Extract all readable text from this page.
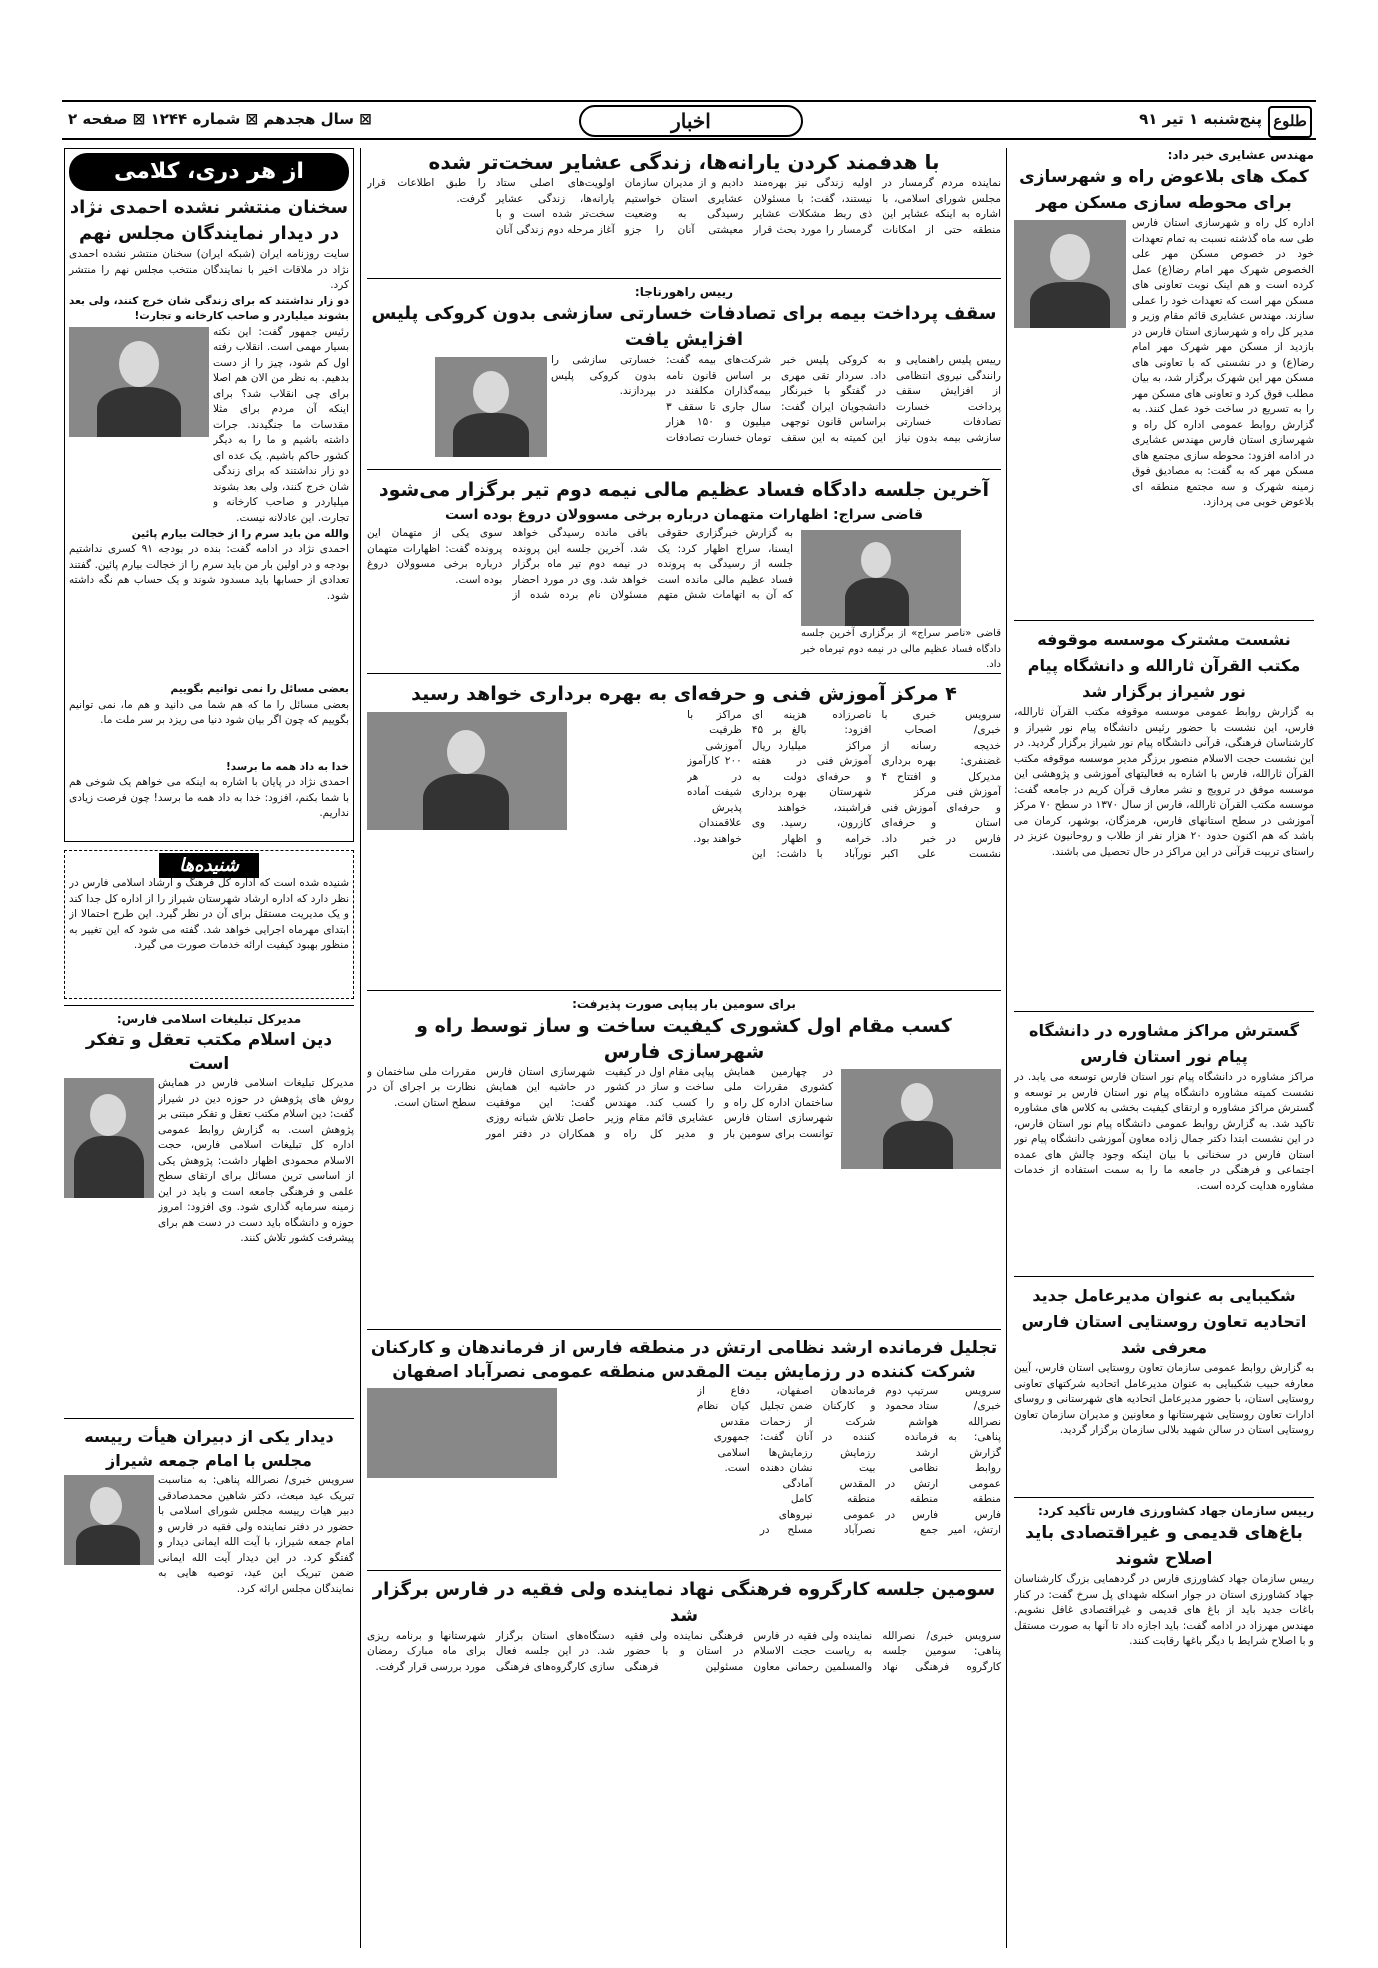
طلوع
پنج‌شنبه ۱ تیر ۹۱
اخبار
⊠ سال هجدهم ⊠ شماره ۱۲۴۴ ⊠ صفحه ۲

مهندس عشایری خبر داد:

کمک های بلاعوض راه و شهرسازی برای محوطه سازی مسکن مهر

اداره کل راه و شهرسازی استان فارس طی سه ماه گذشته نسبت به تمام تعهدات خود در خصوص مسکن مهر علی الخصوص شهرک مهر امام رضا(ع) عمل کرده است و هم اینک نوبت تعاونی های مسکن مهر است که تعهدات خود را عملی سازند. مهندس عشایری قائم مقام وزیر و مدیر کل راه و شهرسازی استان فارس در بازدید از مسکن مهر شهرک مهر امام رضا(ع) و در نشستی که با تعاونی های مسکن مهر این شهرک برگزار شد، به بیان مطلب فوق کرد و تعاونی های مسکن مهر را به تسریع در ساخت خود عمل کنند. به گزارش روابط عمومی اداره کل راه و شهرسازی استان فارس مهندس عشایری در ادامه افزود: محوطه سازی مجتمع های مسکن مهر که به گفت: به مصادیق فوق زمینه شهرک و سه مجتمع منطقه ای بلاعوض خوبی می پردازد.

نشست مشترک موسسه موقوفه مکتب القرآن ثارالله و دانشگاه پیام نور شیراز برگزار شد

به گزارش روابط عمومی موسسه موقوفه مکتب القرآن ثارالله، فارس، این نشست با حضور رئیس دانشگاه پیام نور شیراز و کارشناسان فرهنگی، قرآنی دانشگاه پیام نور شیراز برگزار گردید. در این نشست حجت الاسلام منصور برزگر مدیر موسسه موقوفه مکتب القرآن ثارالله، فارس با اشاره به فعالیتهای آموزشی و پژوهشی این موسسه موفق در ترویج و نشر معارف قرآن کریم در جامعه گفت: موسسه مکتب القرآن ثارالله، فارس از سال ۱۳۷۰ در سطح ۷۰ مرکز آموزشی در سطح استانهای فارس، هرمزگان، بوشهر، کرمان می باشد که هم اکنون حدود ۲۰ هزار نفر از طلاب و روحانیون عزیز در راستای تربیت قرآنی در این مراکز در حال تحصیل می باشند.

گسترش مراکز مشاوره در دانشگاه پیام نور استان فارس

مراکز مشاوره در دانشگاه پیام نور استان فارس توسعه می یابد. در نشست کمیته مشاوره دانشگاه پیام نور استان فارس بر توسعه و گسترش مراکز مشاوره و ارتقای کیفیت بخشی به کلاس های مشاوره تاکید شد. به گزارش روابط عمومی دانشگاه پیام نور استان فارس، در این نشست ابتدا دکتر جمال زاده معاون آموزشی دانشگاه پیام نور استان فارس در سخنانی با بیان اینکه وجود چالش های عمده اجتماعی و فرهنگی در جامعه ما را به سمت استفاده از خدمات مشاوره هدایت کرده است.

شکیبایی به عنوان مدیرعامل جدید اتحادیه تعاون روستایی استان فارس معرفی شد

به گزارش روابط عمومی سازمان تعاون روستایی استان فارس، آیین معارفه حبیب شکیبایی به عنوان مدیرعامل اتحادیه شرکتهای تعاونی روستایی استان، با حضور مدیرعامل اتحادیه های شهرستانی و روسای ادارات تعاون روستایی شهرستانها و معاونین و مدیران سازمان تعاون روستایی استان در سالن شهید بلالی سازمان برگزار گردید.

رییس سازمان جهاد کشاورزی فارس تأکید کرد:

باغ‌های قدیمی و غیراقتصادی باید اصلاح شوند

رییس سازمان جهاد کشاورزی فارس در گردهمایی بزرگ کارشناسان جهاد کشاورزی استان در جوار اسکله شهدای پل سرخ گفت: در کنار باغات جدید باید از باغ های قدیمی و غیراقتصادی غافل نشویم. مهندس مهرزاد در ادامه گفت: باید اجازه داد تا آنها به صورت مستقل و با اصلاح شرایط با دیگر باغها رقابت کنند.

با هدفمند کردن یارانه‌ها، زندگی عشایر سخت‌تر شده

نماینده مردم گرمسار در مجلس شورای اسلامی، با اشاره به اینکه عشایر این منطقه حتی از امکانات اولیه زندگی نیز بهره‌مند نیستند، گفت: با مسئولان ذی ربط مشکلات عشایر گرمسار را مورد بحث قرار دادیم و از مدیران سازمان عشایری استان خواستیم رسیدگی به وضعیت معیشتی آنان را جزو اولویت‌های اصلی ستاد یارانه‌ها، زندگی عشایر سخت‌تر شده است و با آغاز مرحله دوم زندگی آنان را طبق اطلاعات قرار گرفت.

رییس راهورناجا:

سقف پرداخت بیمه برای تصادفات خسارتی سازشی بدون کروکی پلیس افزایش یافت

رییس پلیس راهنمایی و رانندگی نیروی انتظامی از افزایش سقف پرداخت خسارت تصادفات خسارتی سازشی بیمه بدون نیاز به کروکی پلیس خبر داد. سردار تقی مهری در گفتگو با خبرنگار دانشجویان ایران گفت: براساس قانون توجهی این کمیته به این سقف شرکت‌های بیمه گفت: بر اساس قانون نامه بیمه‌گذاران مکلفند در سال جاری تا سقف ۳ میلیون و ۱۵۰ هزار تومان خسارت تصادفات خسارتی سازشی را بدون کروکی پلیس بپردازند.

آخرین جلسه دادگاه فساد عظیم مالی نیمه دوم تیر برگزار می‌شود
قاضی سراج: اظهارات متهمان درباره برخی مسوولان دروغ بوده است

قاضی «ناصر سراج» از برگزاری آخرین جلسه دادگاه فساد عظیم مالی در نیمه دوم تیرماه خبر داد.

به گزارش خبرگزاری حقوقی ایسنا، سراج اظهار کرد: یک جلسه از رسیدگی به پرونده فساد عظیم مالی مانده است که آن به اتهامات شش متهم باقی مانده رسیدگی خواهد شد. آخرین جلسه این پرونده در نیمه دوم تیر ماه برگزار خواهد شد. وی در مورد احضار مسئولان نام برده شده از سوی یکی از متهمان این پرونده گفت: اظهارات متهمان درباره برخی مسوولان دروغ بوده است.

۴ مرکز آموزش فنی و حرفه‌ای به بهره برداری خواهد رسید

سرویس خبری/ خدیجه غضنفری: مدیرکل آموزش فنی و حرفه‌ای استان فارس در نشست خبری با اصحاب رسانه از بهره برداری و افتتاح ۴ مرکز آموزش فنی و حرفه‌ای خبر داد. علی اکبر ناصرزاده افزود: مراکز آموزش فنی و حرفه‌ای شهرستان فراشبند، کازرون، خرامه و نورآباد با هزینه ای بالغ بر ۴۵ میلیارد ریال در هفته دولت به بهره برداری خواهند رسید. وی اظهار داشت: این مراکز با ظرفیت آموزشی ۲۰۰ کارآموز در هر شیفت آماده پذیرش علاقمندان خواهند بود.

برای سومین بار پیاپی صورت پذیرفت:

کسب مقام اول کشوری کیفیت ساخت و ساز توسط راه و شهرسازی فارس

در چهارمین همایش کشوری مقررات ملی ساختمان اداره کل راه و شهرسازی استان فارس توانست برای سومین بار پیاپی مقام اول در کیفیت ساخت و ساز در کشور را کسب کند. مهندس عشایری قائم مقام وزیر و مدیر کل راه و شهرسازی استان فارس در حاشیه این همایش گفت: این موفقیت حاصل تلاش شبانه روزی همکاران در دفتر امور مقررات ملی ساختمان و نظارت بر اجرای آن در سطح استان است.

تجلیل فرمانده ارشد نظامی ارتش در منطقه فارس از فرماندهان و کارکنان شرکت کننده در رزمایش بیت المقدس منطقه عمومی نصرآباد اصفهان

سرویس خبری/ نصرالله پناهی: به گزارش روابط عمومی منطقه فارس ارتش، امیر سرتیپ دوم ستاد محمود هواشم فرمانده ارشد نظامی ارتش در منطقه فارس در جمع فرماندهان و کارکنان شرکت کننده در رزمایش بیت المقدس منطقه عمومی نصرآباد اصفهان، ضمن تجلیل از زحمات آنان گفت: رزمایش‌ها نشان دهنده آمادگی کامل نیروهای مسلح در دفاع از کیان نظام مقدس جمهوری اسلامی است.

سومین جلسه کارگروه فرهنگی نهاد نماینده ولی فقیه در فارس برگزار شد

سرویس خبری/ نصرالله پناهی: سومین جلسه کارگروه فرهنگی نهاد نماینده ولی فقیه در فارس به ریاست حجت الاسلام والمسلمین رحمانی معاون فرهنگی نماینده ولی فقیه در استان و با حضور مسئولین فرهنگی دستگاه‌های استان برگزار شد. در این جلسه فعال سازی کارگروه‌های فرهنگی شهرستانها و برنامه ریزی برای ماه مبارک رمضان مورد بررسی قرار گرفت.

از هر دری، کلامی
سخنان منتشر نشده احمدی نژاد در دیدار نمایندگان مجلس نهم

سایت روزنامه ایران (شبکه ایران) سخنان منتشر نشده احمدی نژاد در ملاقات اخیر با نمایندگان منتخب مجلس نهم را منتشر کرد.

دو زار نداشتند که برای زندگی شان خرج کنند، ولی بعد بشوند میلیاردر و صاحب کارخانه و تجارت!

رئیس جمهور گفت: این نکته بسیار مهمی است. انقلاب رفته اول کم شود، چیز را از دست بدهیم. به نظر من الان هم اصلا برای چی انقلاب شد؟ برای اینکه آن مردم برای مثلا مقدسات ما جنگیدند. جرات داشته باشیم و ما را به دیگر کشور حاکم باشیم. یک عده ای دو زار نداشتند که برای زندگی شان خرج کنند، ولی بعد بشوند میلیاردر و صاحب کارخانه و تجارت. این عادلانه نیست.

والله من باید سرم را از خجالت بیارم پائین

احمدی نژاد در ادامه گفت: بنده در بودجه ۹۱ کسری نداشتیم بودجه و در اولین بار من باید سرم را از خجالت بیارم پائین. گفتند تعدادی از حسابها باید مسدود شوند و یک حساب هم نگه داشته شود.

بعضی مسائل را نمی توانیم بگوییم

بعضی مسائل را ما که هم شما می دانید و هم ما، نمی توانیم بگوییم که چون اگر بیان شود دنیا می ریزد بر سر ملت ما.

خدا به داد همه ما برسد!

احمدی نژاد در پایان با اشاره به اینکه می خواهم یک شوخی هم با شما بکنم، افزود: خدا به داد همه ما برسد! چون فرصت زیادی نداریم.

شنیده‌ها

شنیده شده است که اداره کل فرهنگ و ارشاد اسلامی فارس در نظر دارد که اداره ارشاد شهرستان شیراز را از اداره کل جدا کند و یک مدیریت مستقل برای آن در نظر گیرد. این طرح احتمالا از ابتدای مهرماه اجرایی خواهد شد. گفته می شود که این تغییر به منظور بهبود کیفیت ارائه خدمات صورت می گیرد.

مدیرکل تبلیغات اسلامی فارس:

دین اسلام مکتب تعقل و تفکر است

مدیرکل تبلیغات اسلامی فارس در همایش روش های پژوهش در حوزه دین در شیراز گفت: دین اسلام مکتب تعقل و تفکر مبتنی بر پژوهش است. به گزارش روابط عمومی اداره کل تبلیغات اسلامی فارس، حجت الاسلام محمودی اظهار داشت: پژوهش یکی از اساسی ترین مسائل برای ارتقای سطح علمی و فرهنگی جامعه است و باید در این زمینه سرمایه گذاری شود. وی افزود: امروز حوزه و دانشگاه باید دست در دست هم برای پیشرفت کشور تلاش کنند.

دیدار یکی از دبیران هیأت رییسه مجلس با امام جمعه شیراز

سرویس خبری/ نصرالله پناهی: به مناسبت تبریک عید مبعث، دکتر شاهین محمدصادقی دبیر هیات رییسه مجلس شورای اسلامی با حضور در دفتر نماینده ولی فقیه در فارس و امام جمعه شیراز، با آیت الله ایمانی دیدار و گفتگو کرد. در این دیدار آیت الله ایمانی ضمن تبریک این عید، توصیه هایی به نمایندگان مجلس ارائه کرد.
